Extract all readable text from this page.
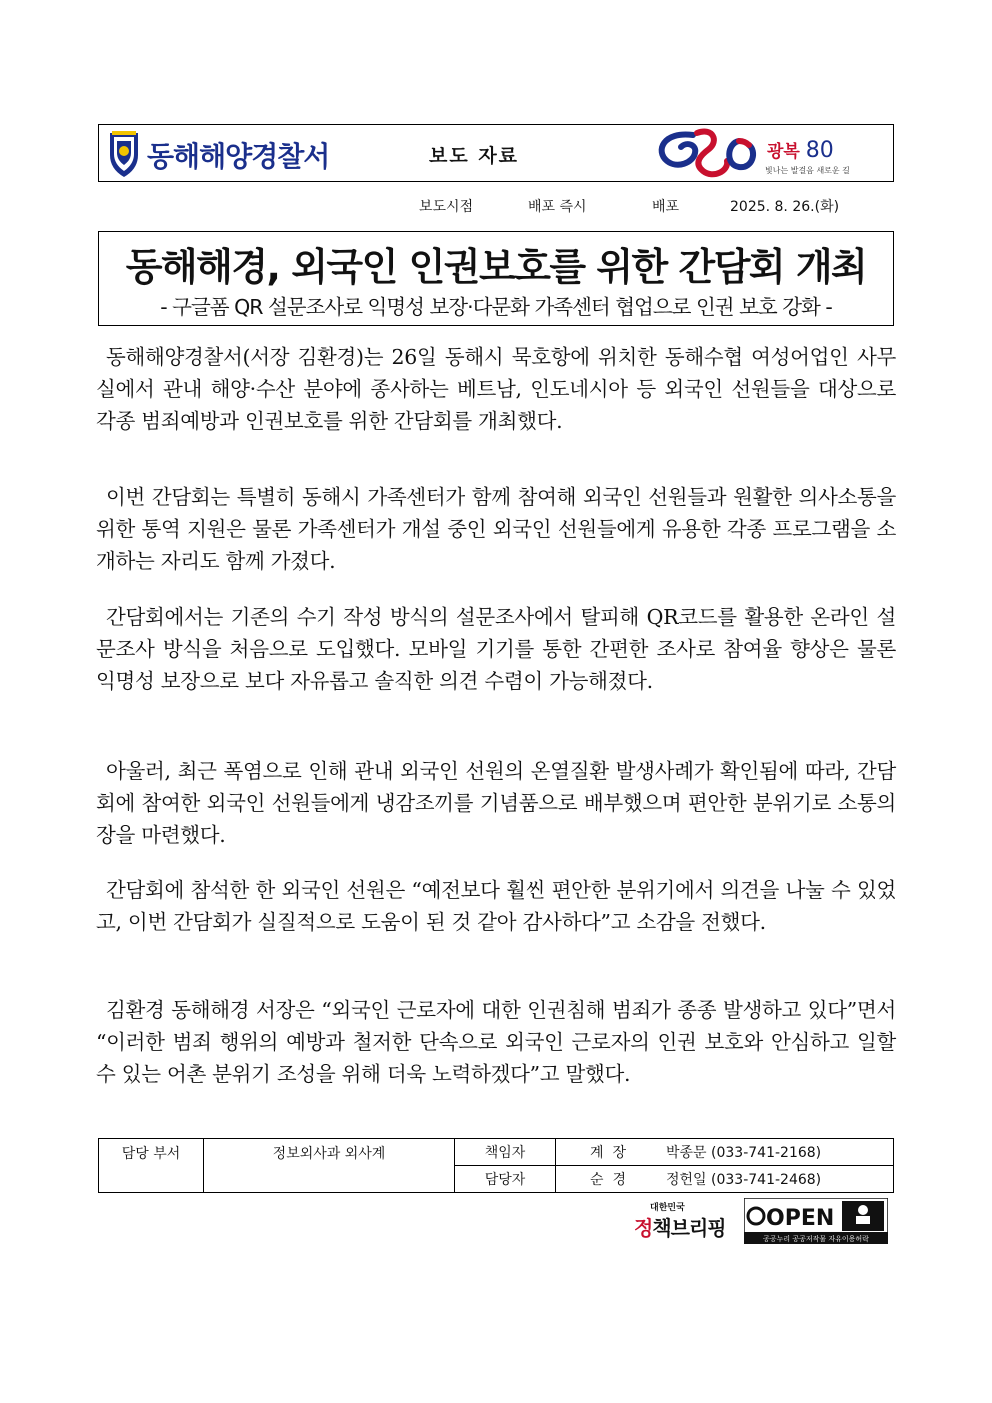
동해해양경찰서	보도 자료	광복 80
빛나는 발걸음 새로운 길
보도시점	배포 즉시	배포	2025. 8. 26.(화)
동해해경, 외국인 인권보호를 위한 간담회 개최
- 구글폼 QR 설문조사로 익명성 보장·다문화 가족센터 협업으로 인권 보호 강화 -

동해해양경찰서(서장 김환경)는 26일 동해시 묵호항에 위치한 동해수협 여성어업인 사무실에서 관내 해양·수산 분야에 종사하는 베트남, 인도네시아 등 외국인 선원들을 대상으로 각종 범죄예방과 인권보호를 위한 간담회를 개최했다.

이번 간담회는 특별히 동해시 가족센터가 함께 참여해 외국인 선원들과 원활한 의사소통을 위한 통역 지원은 물론 가족센터가 개설 중인 외국인 선원들에게 유용한 각종 프로그램을 소개하는 자리도 함께 가졌다.

간담회에서는 기존의 수기 작성 방식의 설문조사에서 탈피해 QR코드를 활용한 온라인 설문조사 방식을 처음으로 도입했다. 모바일 기기를 통한 간편한 조사로 참여율 향상은 물론 익명성 보장으로 보다 자유롭고 솔직한 의견 수렴이 가능해졌다.

아울러, 최근 폭염으로 인해 관내 외국인 선원의 온열질환 발생사례가 확인됨에 따라, 간담회에 참여한 외국인 선원들에게 냉감조끼를 기념품으로 배부했으며 편안한 분위기로 소통의 장을 마련했다.

간담회에 참석한 한 외국인 선원은 “예전보다 훨씬 편안한 분위기에서 의견을 나눌 수 있었고, 이번 간담회가 실질적으로 도움이 된 것 같아 감사하다”고 소감을 전했다.

김환경 동해해경 서장은 “외국인 근로자에 대한 인권침해 범죄가 종종 발생하고 있다”면서 “이러한 범죄 행위의 예방과 철저한 단속으로 외국인 근로자의 인권 보호와 안심하고 일할 수 있는 어촌 분위기 조성을 위해 더욱 노력하겠다”고 말했다.

담당 부서	정보외사과 외사계	책임자	계  장	박종문 (033-741-2168)
		담당자	순  경	정헌일 (033-741-2468)
대한민국
정책브리핑 OPEN
공공누리 공공저작물 자유이용허락
